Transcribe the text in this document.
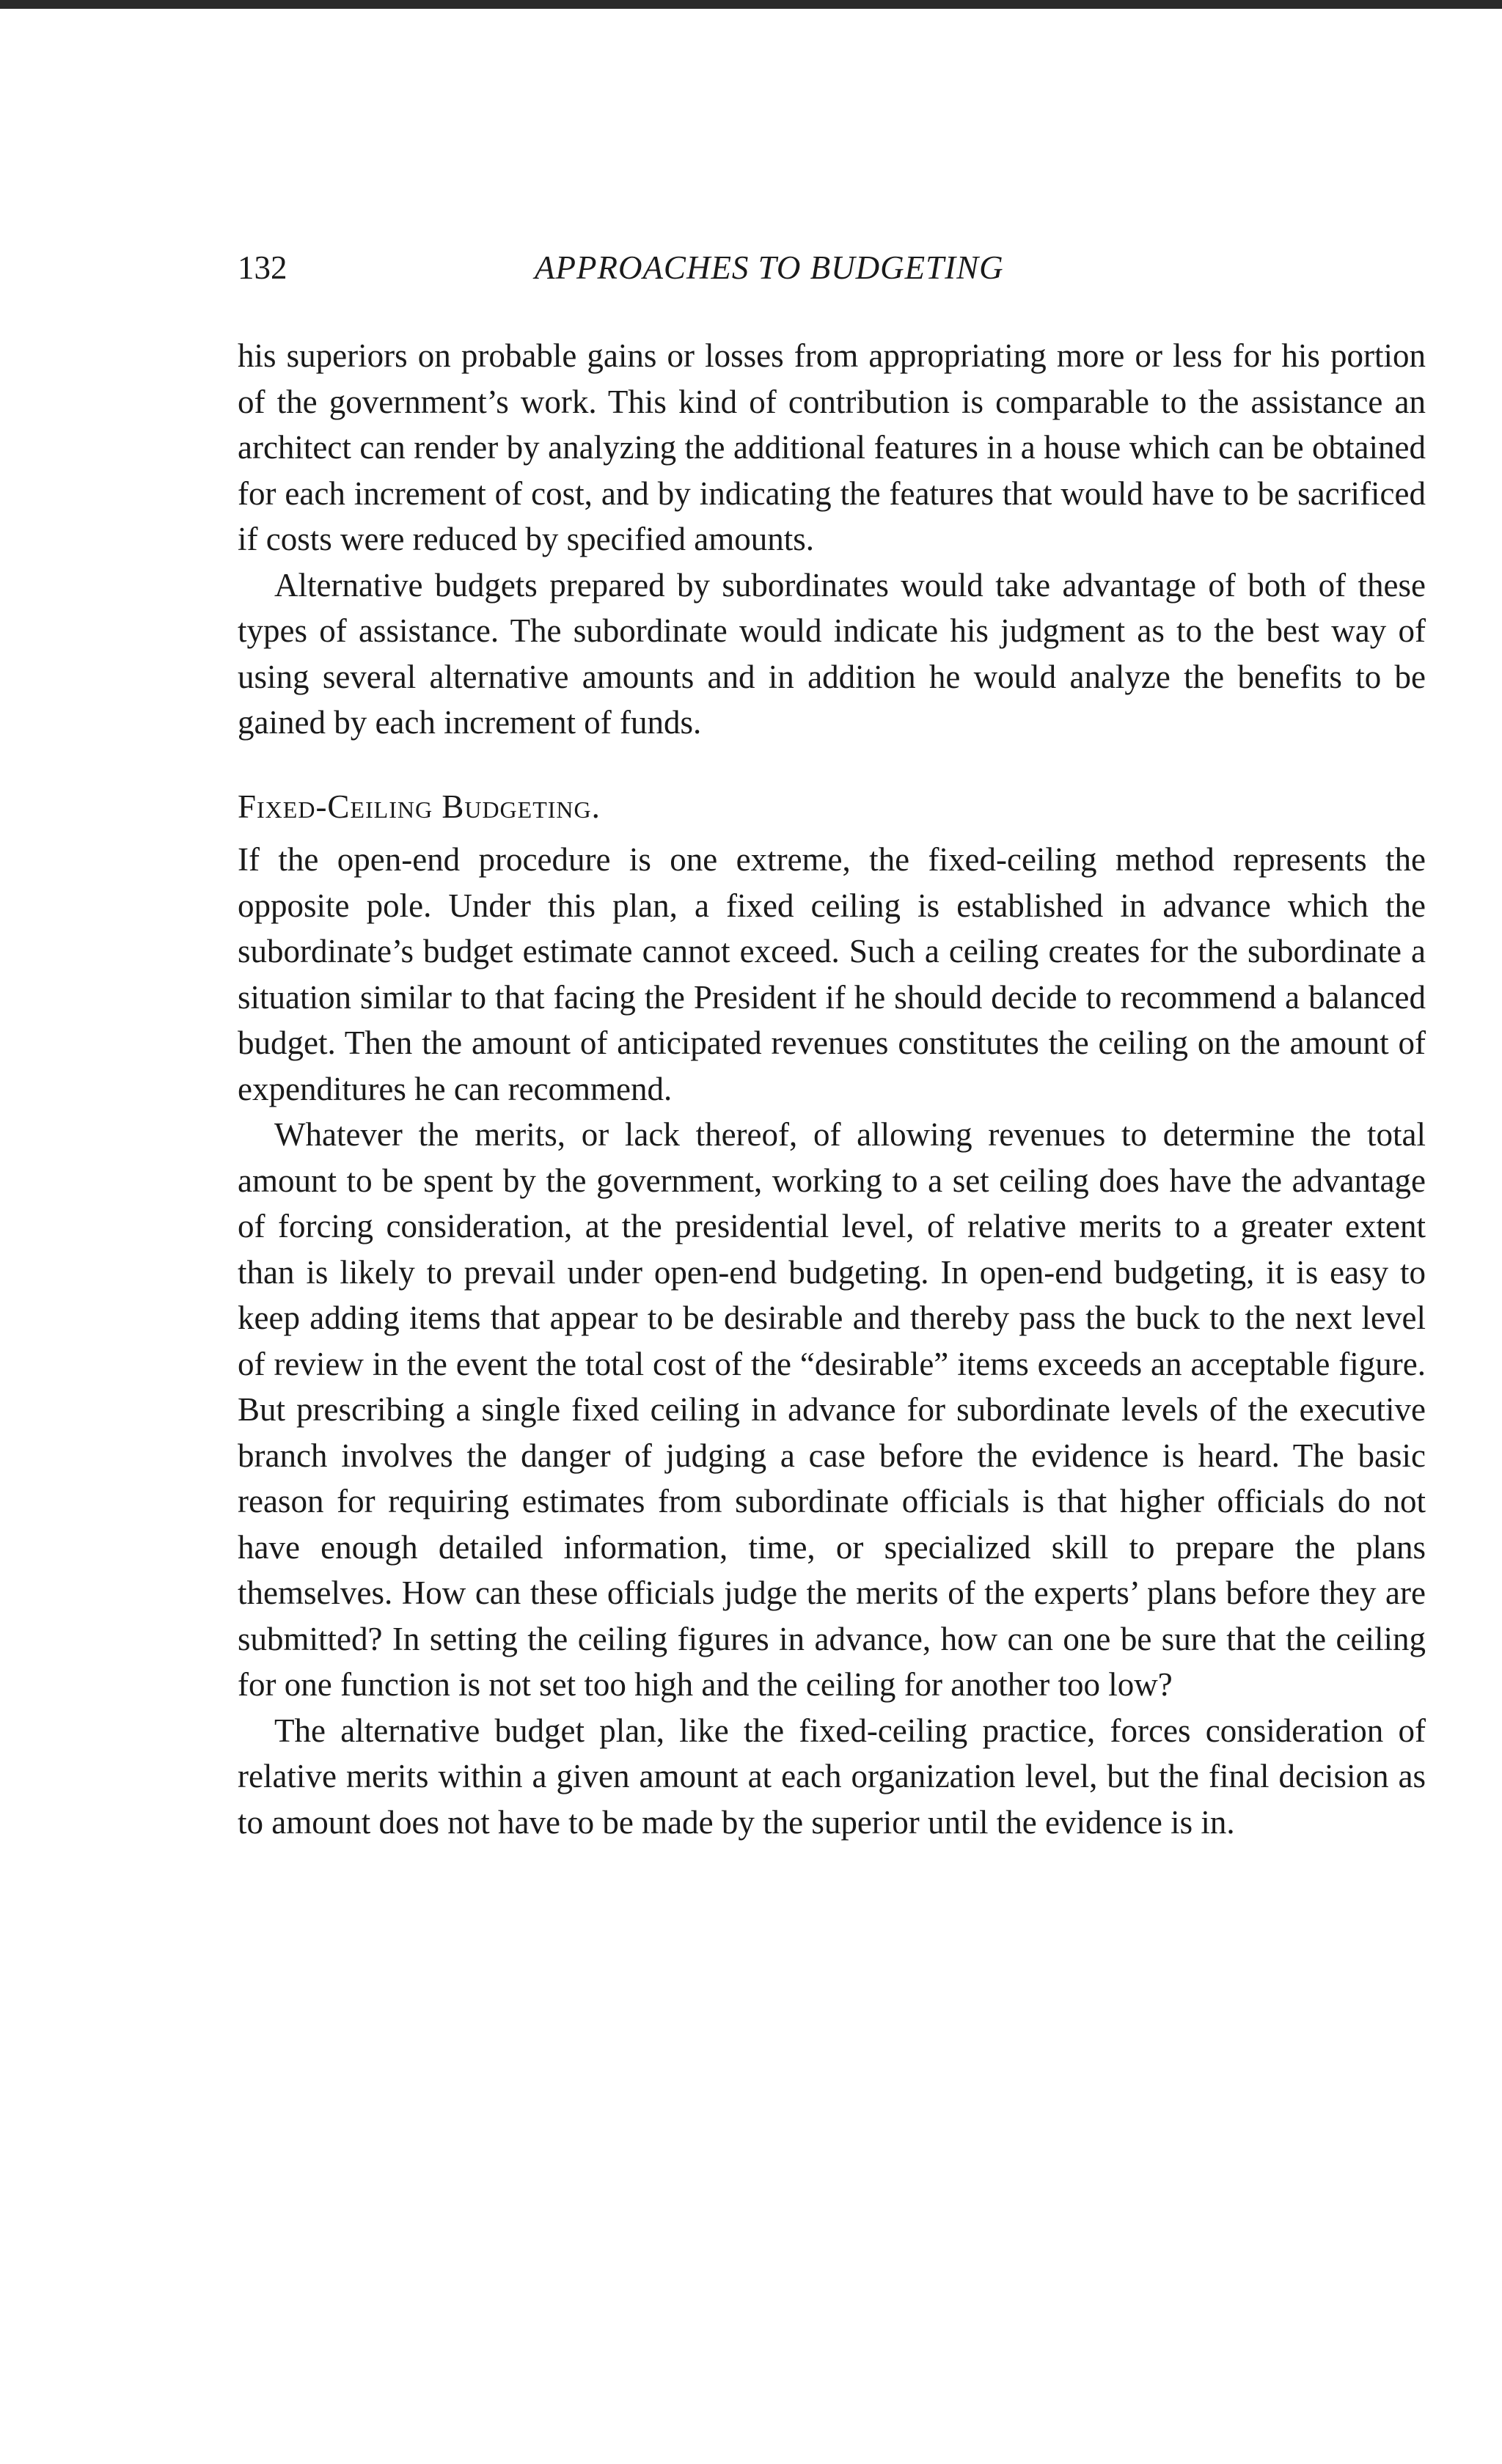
132	APPROACHES TO BUDGETING

his superiors on probable gains or losses from appropriating more or less for his portion of the government’s work. This kind of contribution is comparable to the assistance an architect can render by analyzing the additional features in a house which can be obtained for each increment of cost, and by indicating the features that would have to be sacrificed if costs were reduced by specified amounts.

Alternative budgets prepared by subordinates would take advantage of both of these types of assistance. The subordinate would indicate his judgment as to the best way of using several alternative amounts and in addition he would analyze the benefits to be gained by each increment of funds.

Fixed-Ceiling Budgeting.

If the open-end procedure is one extreme, the fixed-ceiling method represents the opposite pole. Under this plan, a fixed ceiling is established in advance which the subordinate’s budget estimate cannot exceed. Such a ceiling creates for the subordinate a situation similar to that facing the President if he should decide to recommend a balanced budget. Then the amount of anticipated revenues constitutes the ceiling on the amount of expenditures he can recommend.

Whatever the merits, or lack thereof, of allowing revenues to determine the total amount to be spent by the government, working to a set ceiling does have the advantage of forcing consideration, at the presidential level, of relative merits to a greater extent than is likely to prevail under open-end budgeting. In open-end budgeting, it is easy to keep adding items that appear to be desirable and thereby pass the buck to the next level of review in the event the total cost of the “desirable” items exceeds an acceptable figure. But prescribing a single fixed ceiling in advance for subordinate levels of the executive branch involves the danger of judging a case before the evidence is heard. The basic reason for requiring estimates from subordinate officials is that higher officials do not have enough detailed information, time, or specialized skill to prepare the plans themselves. How can these officials judge the merits of the experts’ plans before they are submitted? In setting the ceiling figures in advance, how can one be sure that the ceiling for one function is not set too high and the ceiling for another too low?

The alternative budget plan, like the fixed-ceiling practice, forces consideration of relative merits within a given amount at each organization level, but the final decision as to amount does not have to be made by the superior until the evidence is in.
